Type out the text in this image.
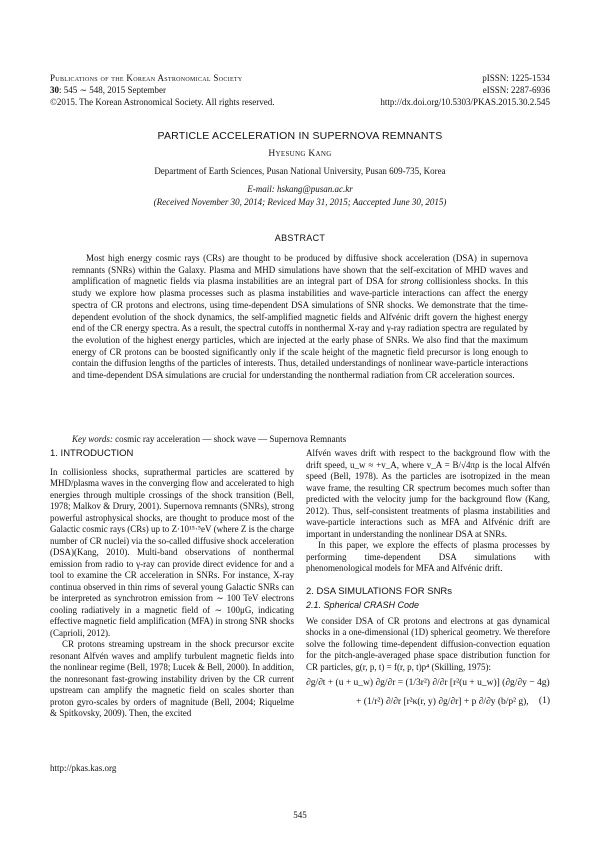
Publications of the Korean Astronomical Society
30: 545 ∼ 548, 2015 September
©2015. The Korean Astronomical Society. All rights reserved.
pISSN: 1225-1534
eISSN: 2287-6936
http://dx.doi.org/10.5303/PKAS.2015.30.2.545
PARTICLE ACCELERATION IN SUPERNOVA REMNANTS
Hyesung Kang
Department of Earth Sciences, Pusan National University, Pusan 609-735, Korea
E-mail: hskang@pusan.ac.kr
(Received November 30, 2014; Reviced May 31, 2015; Aaccepted June 30, 2015)
ABSTRACT
Most high energy cosmic rays (CRs) are thought to be produced by diffusive shock acceleration (DSA) in supernova remnants (SNRs) within the Galaxy. Plasma and MHD simulations have shown that the self-excitation of MHD waves and amplification of magnetic fields via plasma instabilities are an integral part of DSA for strong collisionless shocks. In this study we explore how plasma processes such as plasma instabilities and wave-particle interactions can affect the energy spectra of CR protons and electrons, using time-dependent DSA simulations of SNR shocks. We demonstrate that the time-dependent evolution of the shock dynamics, the self-amplified magnetic fields and Alfvénic drift govern the highest energy end of the CR energy spectra. As a result, the spectral cutoffs in nonthermal X-ray and γ-ray radiation spectra are regulated by the evolution of the highest energy particles, which are injected at the early phase of SNRs. We also find that the maximum energy of CR protons can be boosted significantly only if the scale height of the magnetic field precursor is long enough to contain the diffusion lengths of the particles of interests. Thus, detailed understandings of nonlinear wave-particle interactions and time-dependent DSA simulations are crucial for understanding the nonthermal radiation from CR acceleration sources.
Key words: cosmic ray acceleration — shock wave — Supernova Remnants
1. INTRODUCTION

In collisionless shocks, suprathermal particles are scattered by MHD/plasma waves in the converging flow and accelerated to high energies through multiple crossings of the shock transition (Bell, 1978; Malkov & Drury, 2001). Supernova remnants (SNRs), strong powerful astrophysical shocks, are thought to produce most of the Galactic cosmic rays (CRs) up to Z·10¹⁵·⁵eV (where Z is the charge number of CR nuclei) via the so-called diffusive shock acceleration (DSA)(Kang, 2010). Multi-band observations of nonthermal emission from radio to γ-ray can provide direct evidence for and a tool to examine the CR acceleration in SNRs. For instance, X-ray continua observed in thin rims of several young Galactic SNRs can be interpreted as synchrotron emission from ∼ 100 TeV electrons cooling radiatively in a magnetic field of ∼ 100μG, indicating effective magnetic field amplification (MFA) in strong SNR shocks (Caprioli, 2012).

CR protons streaming upstream in the shock precursor excite resonant Alfvén waves and amplify turbulent magnetic fields into the nonlinear regime (Bell, 1978; Lucek & Bell, 2000). In addition, the nonresonant fast-growing instability driven by the CR current upstream can amplify the magnetic field on scales shorter than proton gyro-scales by orders of magnitude (Bell, 2004; Riquelme & Spitkovsky, 2009). Then, the excited

Alfvén waves drift with respect to the background flow with the drift speed, u_w ≈ +v_A, where v_A = B/√4πρ is the local Alfvén speed (Bell, 1978). As the particles are isotropized in the mean wave frame, the resulting CR spectrum becomes much softer than predicted with the velocity jump for the background flow (Kang, 2012). Thus, self-consistent treatments of plasma instabilities and wave-particle interactions such as MFA and Alfvénic drift are important in understanding the nonlinear DSA at SNRs.

In this paper, we explore the effects of plasma processes by performing time-dependent DSA simulations with phenomenological models for MFA and Alfvénic drift.

2. DSA SIMULATIONS FOR SNRs
2.1. Spherical CRASH Code

We consider DSA of CR protons and electrons at gas dynamical shocks in a one-dimensional (1D) spherical geometry. We therefore solve the following time-dependent diffusion-convection equation for the pitch-angle-averaged phase space distribution function for CR particles, g(r, p, t) = f(r, p, t)p⁴ (Skilling, 1975):

∂g/∂t + (u + u_w) ∂g/∂r = (1/3r²) ∂/∂r [r²(u + u_w)] (∂g/∂y − 4g)
+ (1/r²) ∂/∂r [r²κ(r, y) ∂g/∂r] + p ∂/∂y (b/p² g), (1)
http://pkas.kas.org
545
